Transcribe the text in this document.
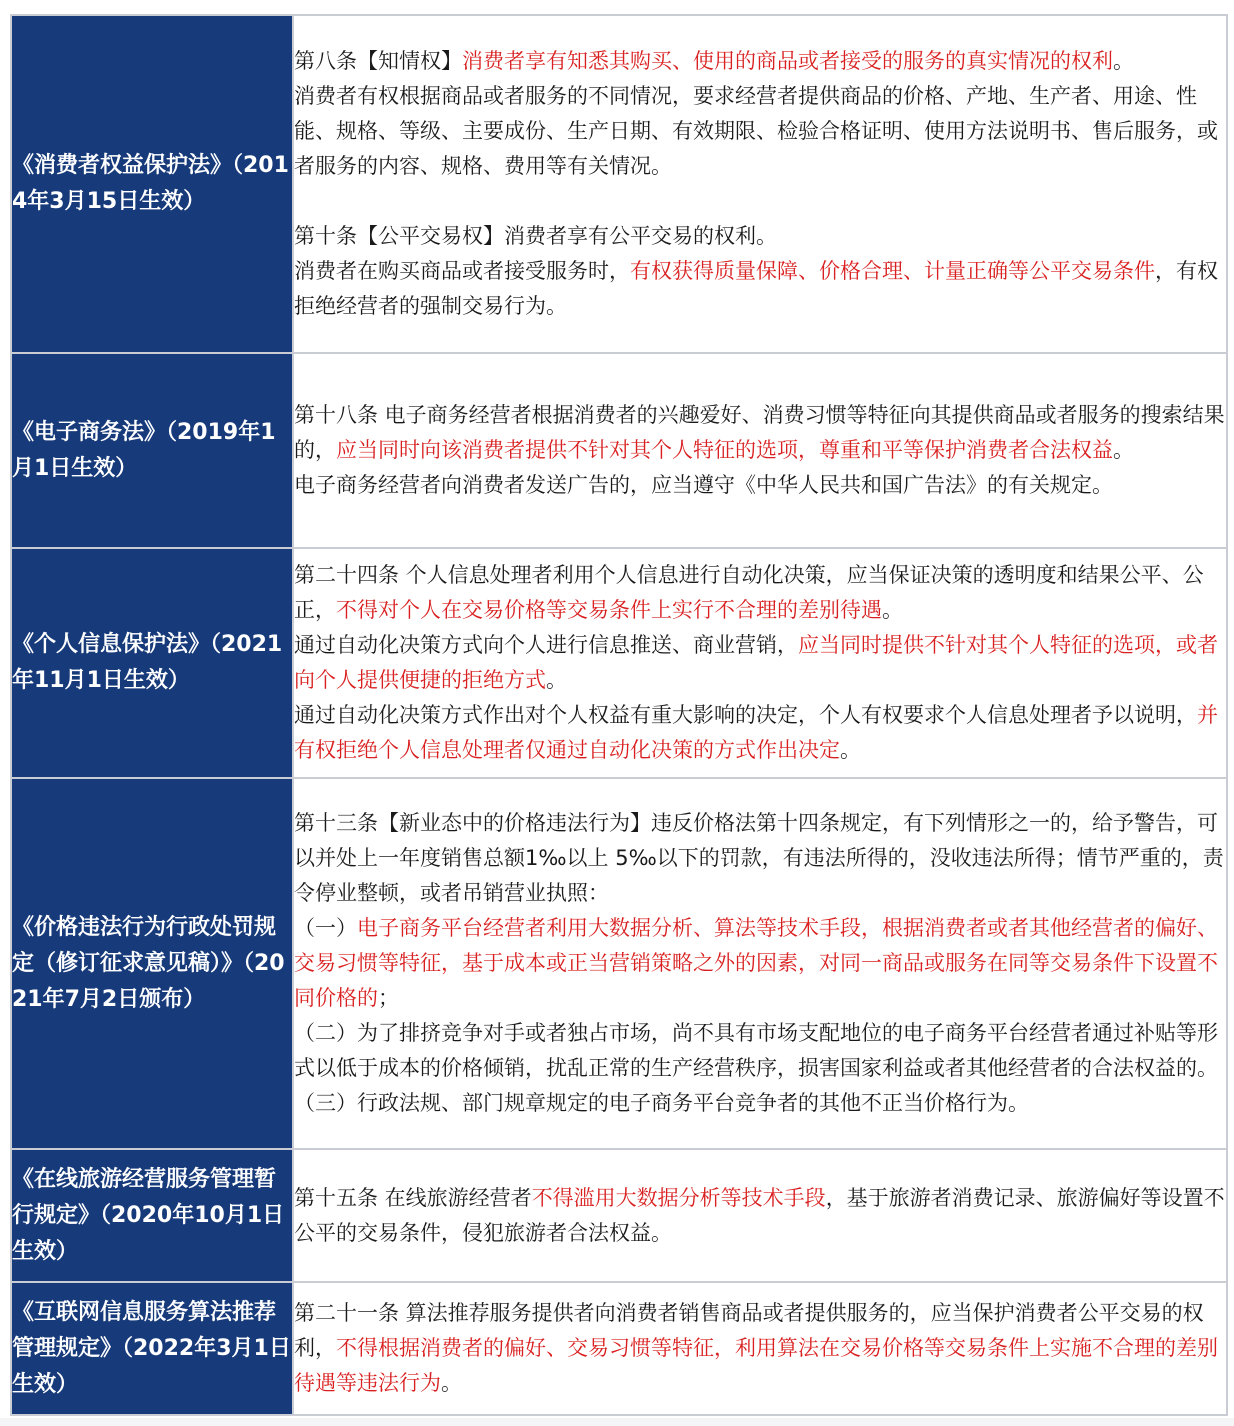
《消费者权益保护法》（2014年3月15日生效）	第八条【知情权】消费者享有知悉其购买、使用的商品或者接受的服务的真实情况的权利。
消费者有权根据商品或者服务的不同情况，要求经营者提供商品的价格、产地、生产者、用途、性能、规格、等级、主要成份、生产日期、有效期限、检验合格证明、使用方法说明书、售后服务，或者服务的内容、规格、费用等有关情况。
第十条【公平交易权】消费者享有公平交易的权利。
消费者在购买商品或者接受服务时，有权获得质量保障、价格合理、计量正确等公平交易条件，有权拒绝经营者的强制交易行为。

《电子商务法》（2019年1月1日生效）	第十八条 电子商务经营者根据消费者的兴趣爱好、消费习惯等特征向其提供商品或者服务的搜索结果的，应当同时向该消费者提供不针对其个人特征的选项，尊重和平等保护消费者合法权益。
电子商务经营者向消费者发送广告的，应当遵守《中华人民共和国广告法》的有关规定。

《个人信息保护法》（2021年11月1日生效）	第二十四条 个人信息处理者利用个人信息进行自动化决策，应当保证决策的透明度和结果公平、公正，不得对个人在交易价格等交易条件上实行不合理的差别待遇。
通过自动化决策方式向个人进行信息推送、商业营销，应当同时提供不针对其个人特征的选项，或者向个人提供便捷的拒绝方式。
通过自动化决策方式作出对个人权益有重大影响的决定，个人有权要求个人信息处理者予以说明，并有权拒绝个人信息处理者仅通过自动化决策的方式作出决定。

《价格违法行为行政处罚规定（修订征求意见稿）》（2021年7月2日颁布）	第十三条【新业态中的价格违法行为】违反价格法第十四条规定，有下列情形之一的，给予警告，可以并处上一年度销售总额1‰以上 5‰以下的罚款，有违法所得的，没收违法所得；情节严重的，责令停业整顿，或者吊销营业执照：
（一）电子商务平台经营者利用大数据分析、算法等技术手段，根据消费者或者其他经营者的偏好、交易习惯等特征，基于成本或正当营销策略之外的因素，对同一商品或服务在同等交易条件下设置不同价格的；
（二）为了排挤竞争对手或者独占市场，尚不具有市场支配地位的电子商务平台经营者通过补贴等形式以低于成本的价格倾销，扰乱正常的生产经营秩序，损害国家利益或者其他经营者的合法权益的。
（三）行政法规、部门规章规定的电子商务平台竞争者的其他不正当价格行为。

《在线旅游经营服务管理暂行规定》（2020年10月1日生效）	第十五条 在线旅游经营者不得滥用大数据分析等技术手段，基于旅游者消费记录、旅游偏好等设置不公平的交易条件，侵犯旅游者合法权益。

《互联网信息服务算法推荐管理规定》（2022年3月1日生效）	第二十一条 算法推荐服务提供者向消费者销售商品或者提供服务的，应当保护消费者公平交易的权利，不得根据消费者的偏好、交易习惯等特征，利用算法在交易价格等交易条件上实施不合理的差别待遇等违法行为。
